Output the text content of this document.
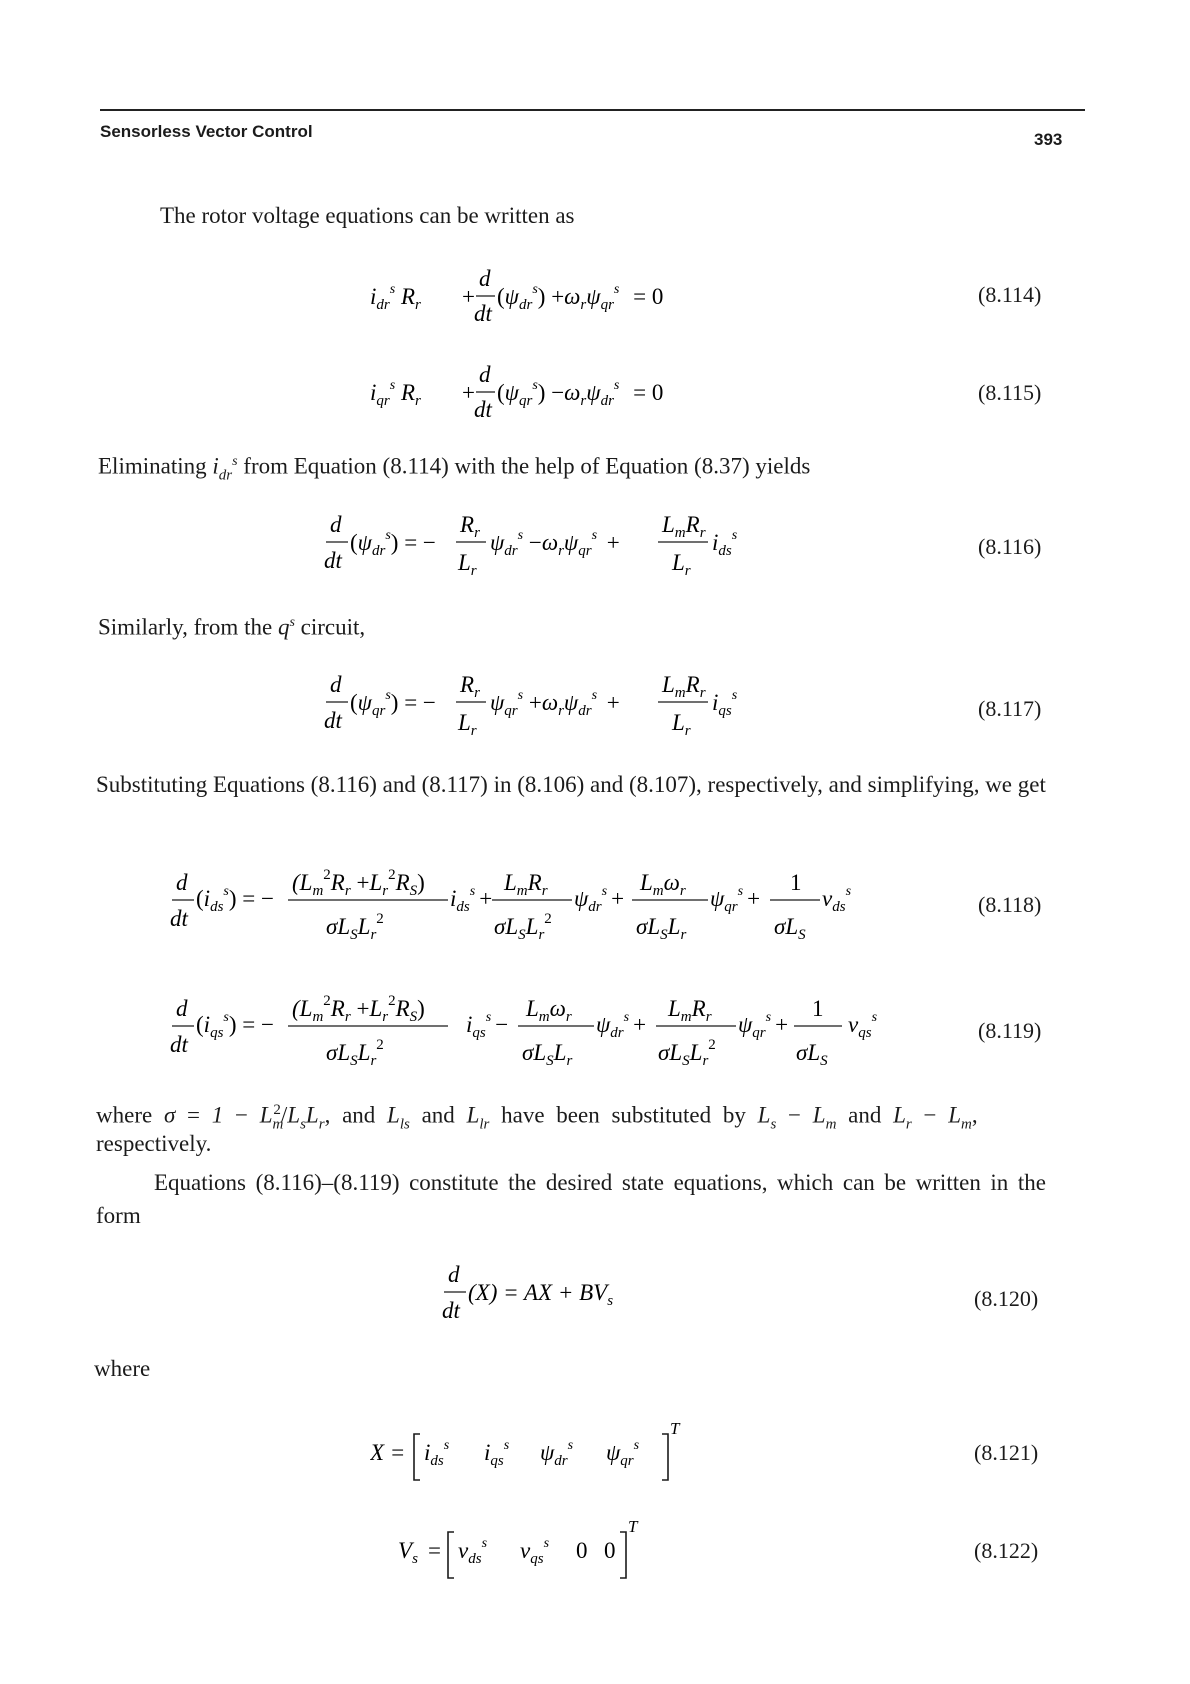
Sensorless Vector Control	393
The rotor voltage equations can be written as
$i_{dr}^s$ $R_r$ +
d
dt
$(\psi_{dr}^s) +\omega_r\psi_{qr}^s = 0$	(8.114)
$i_{qr}^s$ $R_r$ +
d
dt
$(\psi_{qr}^s) -\omega_r\psi_{dr}^s = 0$	(8.115)
Eliminating $i_{dr}^s$ from Equation (8.114) with the help of Equation (8.37) yields
d
dt
$(\psi_{dr}^s)$ = −
$R_r$
$L_r$
$\psi_{dr}^s -\omega_r\psi_{qr}^s$ +
$L_mR_r$
$L_r$
$i_{ds}^s$	(8.116)
Similarly, from the $q^s$ circuit,
d
dt
$(\psi_{qr}^s)$ = −
$R_r$
$L_r$
$\psi_{qr}^s +\omega_r\psi_{dr}^s$ +
$L_mR_r$
$L_r$
$i_{qs}^s$
(8.117)
Substituting Equations (8.116) and (8.117) in (8.106) and (8.107), respectively, and simplifying, we get
d
dt
$(i_{ds}^s)$ = −
$(L_m^2R_r +L_r^2R_S)$
$\sigma L_SL_r^2$
$i_{ds}^s$ +
$L_mR_r$
$\sigma L_SL_r^2$
$\psi_{dr}^s$ +
$L_m\omega_r$
$\sigma L_SL_r$
$\psi_{qr}^s$ +
1
$\sigma L_S$
$v_{ds}^s$
(8.118)
d
dt
$(i_{qs}^s)$ = −
$(L_m^2R_r +L_r^2R_S)$
$\sigma L_SL_r^2$
$i_{qs}^s$ −
$L_m\omega_r$
$\sigma L_SL_r$
$\psi_{dr}^s$ +
$L_mR_r$
$\sigma L_SL_r^2$
$\psi_{qr}^s$ +
1
$\sigma L_S$
$v_{qs}^s$
(8.119)
where $\sigma = 1 - L_m^2/L_sL_r$, and $L_{ls}$ and $L_{lr}$ have been substituted by $L_s - L_m$ and $L_r - L_m$,
respectively.
Equations (8.116)–(8.119) constitute the desired state equations, which can be written in the form
d
dt
(X) = AX + $BV_s$	(8.120)
where
$X = i_{ds}^s$ $i_{qs}^s$ $\psi_{dr}^s$ $\psi_{qr}^s$
T
(8.121)
$V_s = v_{ds}^s$ $v_{qs}^s$ 0 0
T
(8.122)
